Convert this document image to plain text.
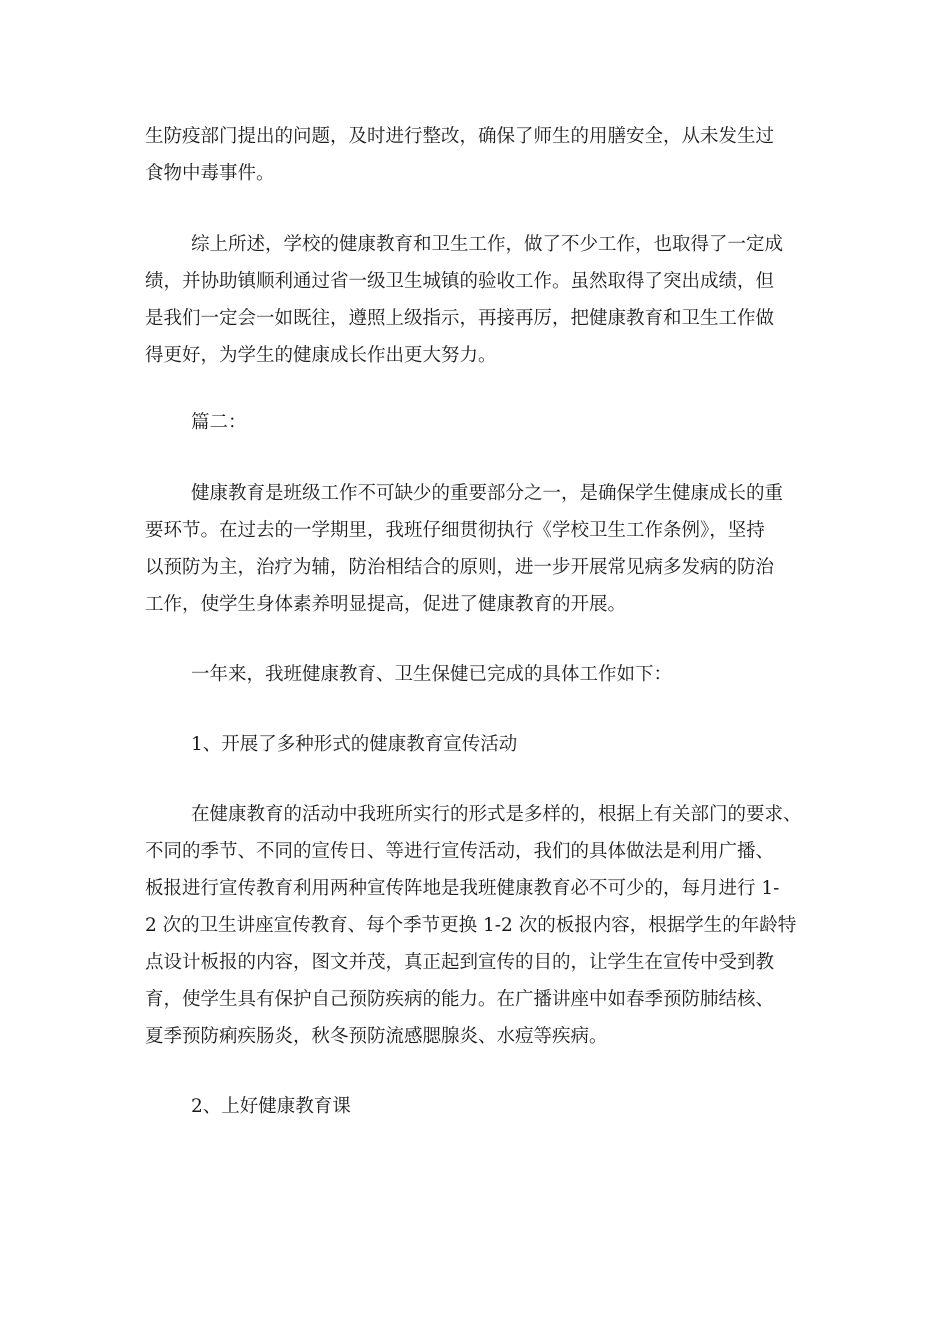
生防疫部门提出的问题，及时进行整改，确保了师生的用膳安全，从未发生过
食物中毒事件。

综上所述，学校的健康教育和卫生工作，做了不少工作，也取得了一定成
绩，并协助镇顺利通过省一级卫生城镇的验收工作。虽然取得了突出成绩，但
是我们一定会一如既往，遵照上级指示，再接再厉，把健康教育和卫生工作做
得更好，为学生的健康成长作出更大努力。

篇二：

健康教育是班级工作不可缺少的重要部分之一，是确保学生健康成长的重
要环节。在过去的一学期里，我班仔细贯彻执行《学校卫生工作条例》，坚持
以预防为主，治疗为辅，防治相结合的原则，进一步开展常见病多发病的防治
工作，使学生身体素养明显提高，促进了健康教育的开展。

一年来，我班健康教育、卫生保健已完成的具体工作如下：

1、开展了多种形式的健康教育宣传活动

在健康教育的活动中我班所实行的形式是多样的，根据上有关部门的要求、
不同的季节、不同的宣传日、等进行宣传活动，我们的具体做法是利用广播、
板报进行宣传教育利用两种宣传阵地是我班健康教育必不可少的，每月进行 1-
2 次的卫生讲座宣传教育、每个季节更换 1-2 次的板报内容，根据学生的年龄特
点设计板报的内容，图文并茂，真正起到宣传的目的，让学生在宣传中受到教
育，使学生具有保护自己预防疾病的能力。在广播讲座中如春季预防肺结核、
夏季预防痢疾肠炎，秋冬预防流感腮腺炎、水痘等疾病。

2、上好健康教育课
